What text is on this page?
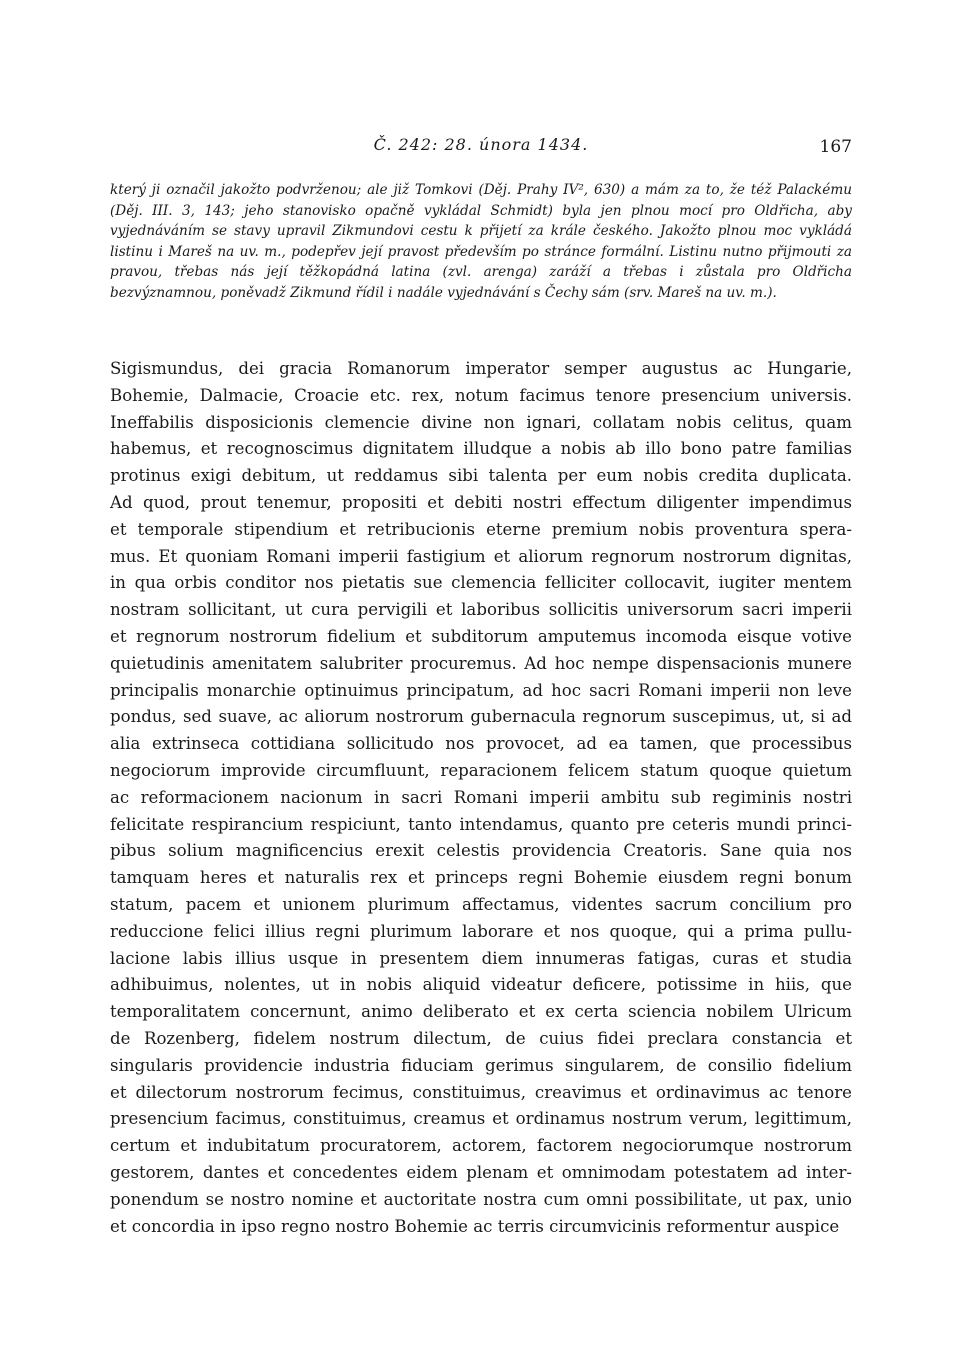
Č. 242: 28. února 1434.	167

který ji označil jakožto podvrženou; ale již Tomkovi (Děj. Prahy IV², 630) a mám za to, že též Palackému (Děj. III. 3, 143; jeho stanovisko opačně vykládal Schmidt) byla jen plnou mocí pro Oldřicha, aby vyjednáváním se stavy upravil Zikmundovi cestu k přijetí za krále českého. Jakožto plnou moc vykládá listinu i Mareš na uv. m., podepřev její pravost především po stránce formální. Listinu nutno přijmouti za pravou, třebas nás její těžkopádná latina (zvl. arenga) zaráží a třebas i zůstala pro Oldřicha bezvýznamnou, poněvadž Zikmund řídil i nadále vyjednávání s Čechy sám (srv. Mareš na uv. m.).

Sigismundus, dei gracia Romanorum imperator semper augustus ac Hungarie,
Bohemie, Dalmacie, Croacie etc. rex, notum facimus tenore presencium universis.
Ineffabilis disposicionis clemencie divine non ignari, collatam nobis celitus, quam
habemus, et recognoscimus dignitatem illudque a nobis ab illo bono patre familias
protinus exigi debitum, ut reddamus sibi talenta per eum nobis credita duplicata.
Ad quod, prout tenemur, propositi et debiti nostri effectum diligenter impendimus
et temporale stipendium et retribucionis eterne premium nobis proventura spera-
mus. Et quoniam Romani imperii fastigium et aliorum regnorum nostrorum dignitas,
in qua orbis conditor nos pietatis sue clemencia felliciter collocavit, iugiter mentem
nostram sollicitant, ut cura pervigili et laboribus sollicitis universorum sacri imperii
et regnorum nostrorum fidelium et subditorum amputemus incomoda eisque votive
quietudinis amenitatem salubriter procuremus. Ad hoc nempe dispensacionis munere
principalis monarchie optinuimus principatum, ad hoc sacri Romani imperii non leve
pondus, sed suave, ac aliorum nostrorum gubernacula regnorum suscepimus, ut, si ad
alia extrinseca cottidiana sollicitudo nos provocet, ad ea tamen, que processibus
negociorum improvide circumfluunt, reparacionem felicem statum quoque quietum
ac reformacionem nacionum in sacri Romani imperii ambitu sub regiminis nostri
felicitate respirancium respiciunt, tanto intendamus, quanto pre ceteris mundi princi-
pibus solium magnificencius erexit celestis providencia Creatoris. Sane quia nos
tamquam heres et naturalis rex et princeps regni Bohemie eiusdem regni bonum
statum, pacem et unionem plurimum affectamus, videntes sacrum concilium pro
reduccione felici illius regni plurimum laborare et nos quoque, qui a prima pullu-
lacione labis illius usque in presentem diem innumeras fatigas, curas et studia
adhibuimus, nolentes, ut in nobis aliquid videatur deficere, potissime in hiis, que
temporalitatem concernunt, animo deliberato et ex certa sciencia nobilem Ulricum
de Rozenberg, fidelem nostrum dilectum, de cuius fidei preclara constancia et
singularis providencie industria fiduciam gerimus singularem, de consilio fidelium
et dilectorum nostrorum fecimus, constituimus, creavimus et ordinavimus ac tenore
presencium facimus, constituimus, creamus et ordinamus nostrum verum, legittimum,
certum et indubitatum procuratorem, actorem, factorem negociorumque nostrorum
gestorem, dantes et concedentes eidem plenam et omnimodam potestatem ad inter-
ponendum se nostro nomine et auctoritate nostra cum omni possibilitate, ut pax, unio
et concordia in ipso regno nostro Bohemie ac terris circumvicinis reformentur auspice
